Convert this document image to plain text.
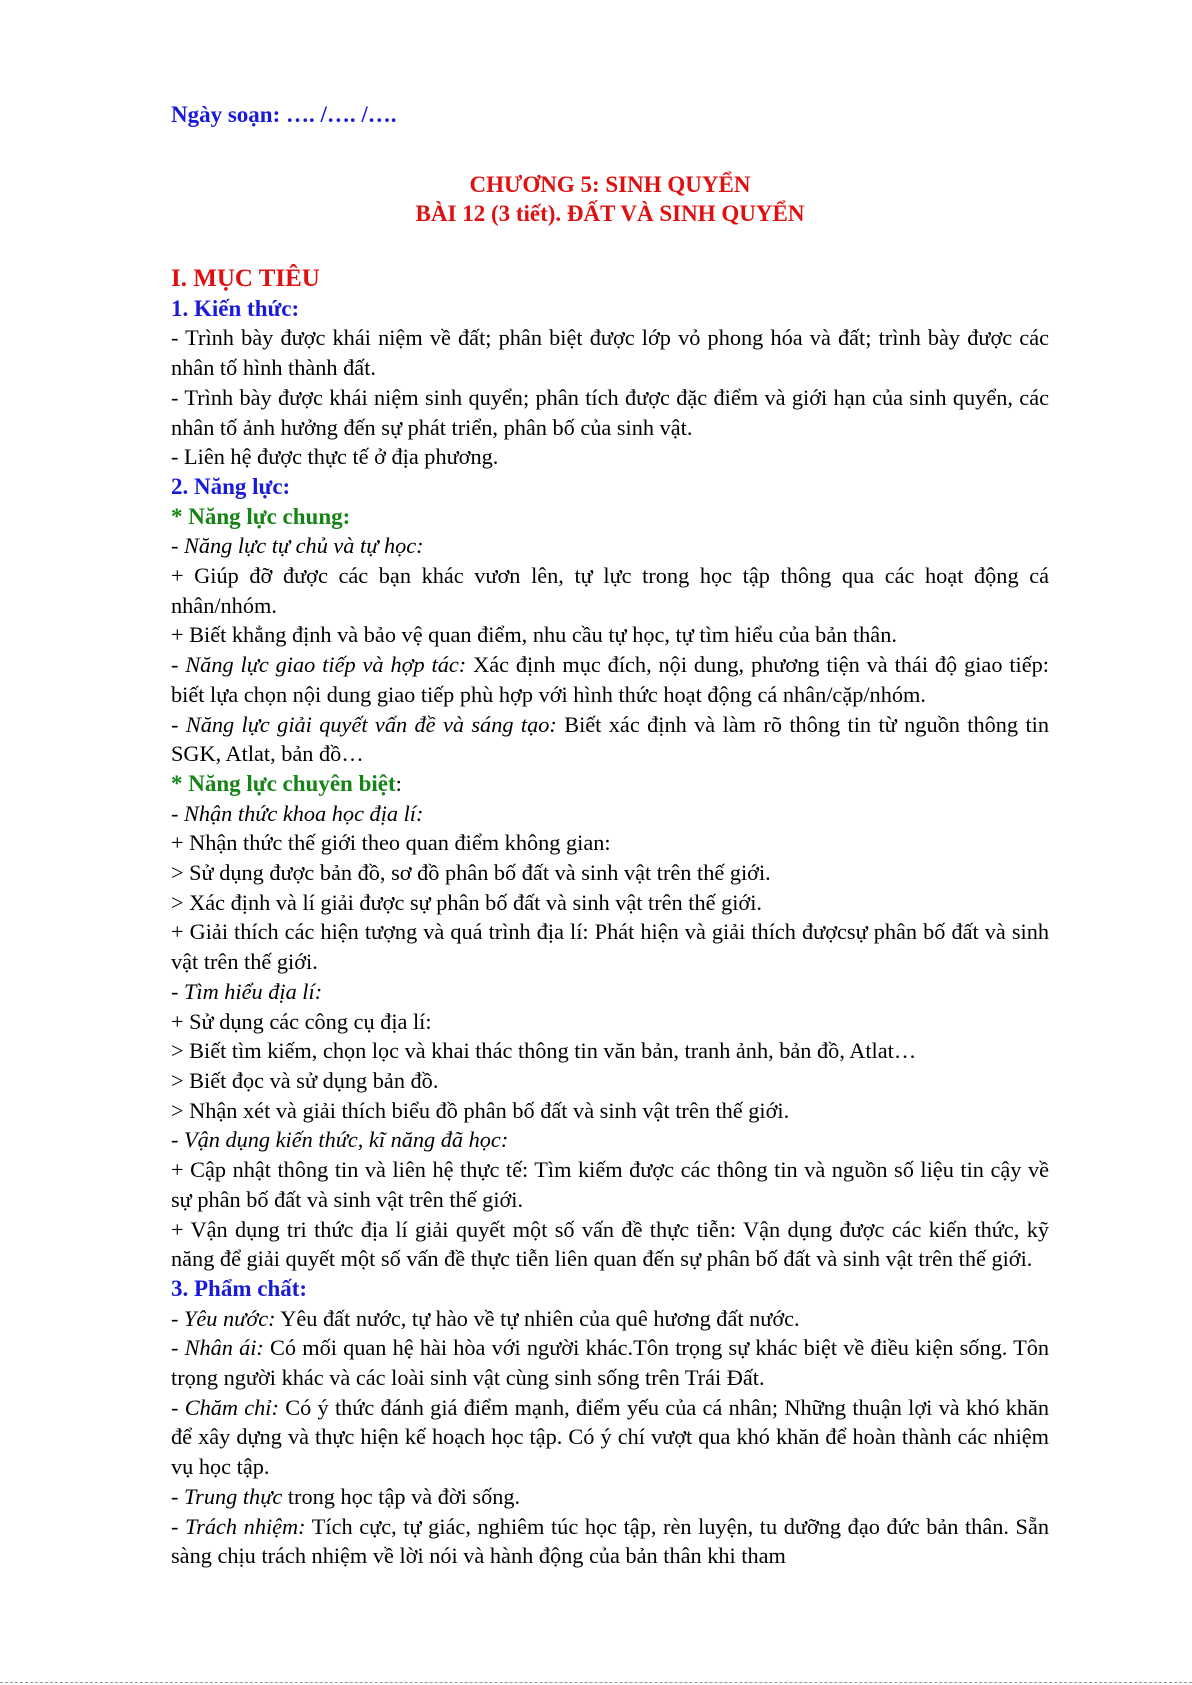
Ngày soạn: …. /…. /….
CHƯƠNG 5: SINH QUYỂN
BÀI 12 (3 tiết). ĐẤT VÀ SINH QUYỂN
I. MỤC TIÊU
1. Kiến thức:
- Trình bày được khái niệm về đất; phân biệt được lớp vỏ phong hóa và đất; trình bày được các nhân tố hình thành đất.
- Trình bày được khái niệm sinh quyển; phân tích được đặc điểm và giới hạn của sinh quyển, các nhân tố ảnh hưởng đến sự phát triển, phân bố của sinh vật.
- Liên hệ được thực tế ở địa phương.
2. Năng lực:
* Năng lực chung:
- Năng lực tự chủ và tự học:
+ Giúp đỡ được các bạn khác vươn lên, tự lực trong học tập thông qua các hoạt động cá nhân/nhóm.
+ Biết khẳng định và bảo vệ quan điểm, nhu cầu tự học, tự tìm hiểu của bản thân.
- Năng lực giao tiếp và hợp tác: Xác định mục đích, nội dung, phương tiện và thái độ giao tiếp: biết lựa chọn nội dung giao tiếp phù hợp với hình thức hoạt động cá nhân/cặp/nhóm.
- Năng lực giải quyết vấn đề và sáng tạo: Biết xác định và làm rõ thông tin từ nguồn thông tin SGK, Atlat, bản đồ…
* Năng lực chuyên biệt:
- Nhận thức khoa học địa lí:
+ Nhận thức thế giới theo quan điểm không gian:
> Sử dụng được bản đồ, sơ đồ phân bố đất và sinh vật trên thế giới.
> Xác định và lí giải được sự phân bố đất và sinh vật trên thế giới.
+ Giải thích các hiện tượng và quá trình địa lí: Phát hiện và giải thích đượcsự phân bố đất và sinh vật trên thế giới.
- Tìm hiểu địa lí:
+ Sử dụng các công cụ địa lí:
> Biết tìm kiếm, chọn lọc và khai thác thông tin văn bản, tranh ảnh, bản đồ, Atlat…
> Biết đọc và sử dụng bản đồ.
> Nhận xét và giải thích biểu đồ phân bố đất và sinh vật trên thế giới.
- Vận dụng kiến thức, kĩ năng đã học:
+ Cập nhật thông tin và liên hệ thực tế: Tìm kiếm được các thông tin và nguồn số liệu tin cậy về sự phân bố đất và sinh vật trên thế giới.
+ Vận dụng tri thức địa lí giải quyết một số vấn đề thực tiễn: Vận dụng được các kiến thức, kỹ năng để giải quyết một số vấn đề thực tiễn liên quan đến sự phân bố đất và sinh vật trên thế giới.
3. Phẩm chất:
- Yêu nước: Yêu đất nước, tự hào về tự nhiên của quê hương đất nước.
- Nhân ái: Có mối quan hệ hài hòa với người khác.Tôn trọng sự khác biệt về điều kiện sống. Tôn trọng người khác và các loài sinh vật cùng sinh sống trên Trái Đất.
- Chăm chỉ: Có ý thức đánh giá điểm mạnh, điểm yếu của cá nhân; Những thuận lợi và khó khăn để xây dựng và thực hiện kế hoạch học tập. Có ý chí vượt qua khó khăn để hoàn thành các nhiệm vụ học tập.
- Trung thực trong học tập và đời sống.
- Trách nhiệm: Tích cực, tự giác, nghiêm túc học tập, rèn luyện, tu dưỡng đạo đức bản thân. Sẵn sàng chịu trách nhiệm về lời nói và hành động của bản thân khi tham
